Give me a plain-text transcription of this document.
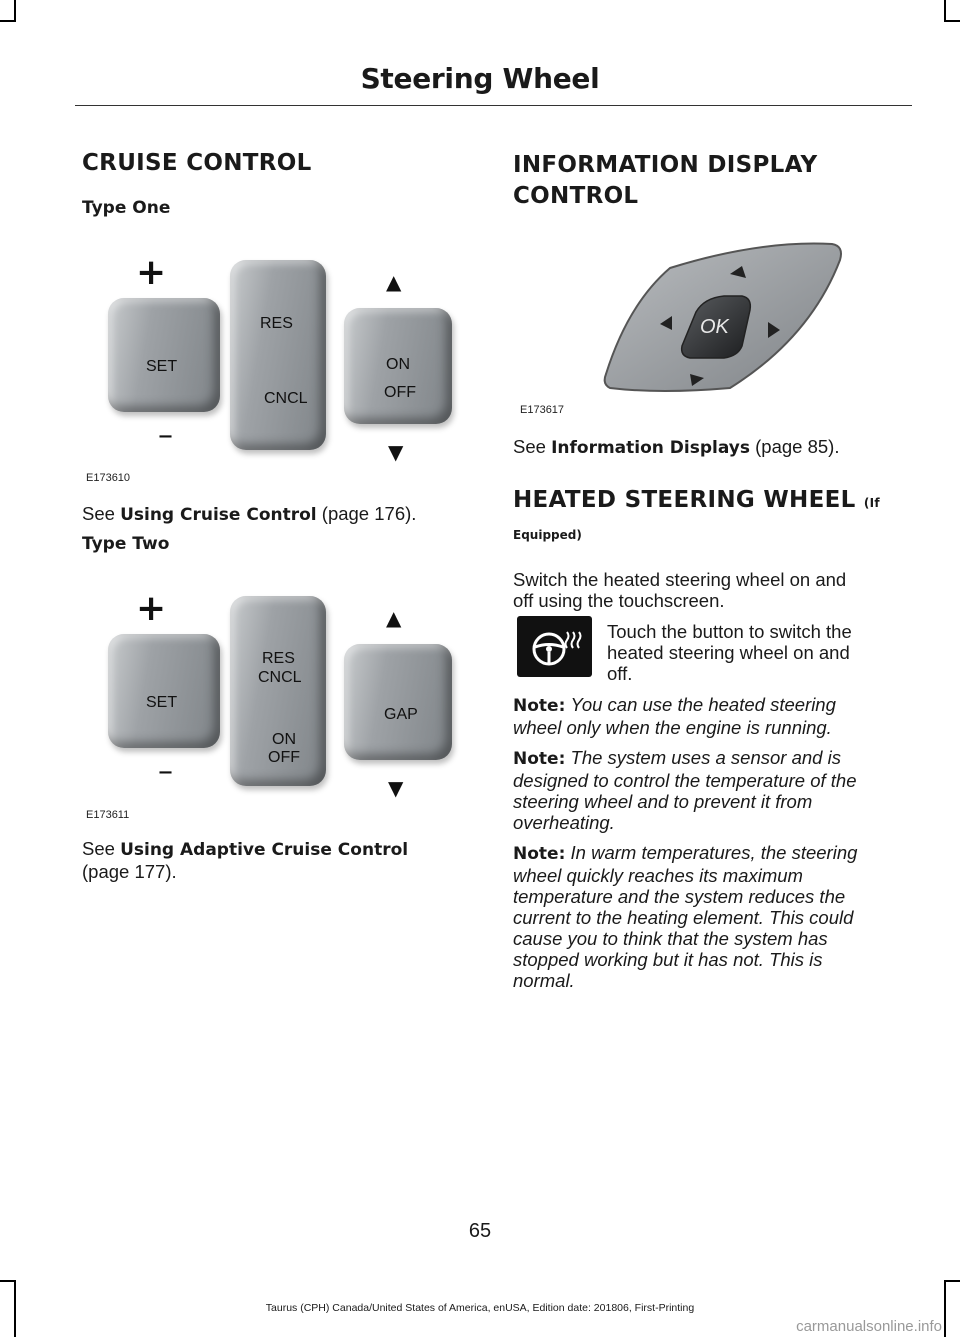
Steering Wheel
CRUISE CONTROL
Type One
+
–
SET
RES
CNCL
ON
OFF
▲
▼
E173610
See Using Cruise Control (page 176).
Type Two
+
–
SET
RES
CNCL
ON
OFF
GAP
▲
▼
E173611
See Using Adaptive Cruise Control
(page 177).
INFORMATION DISPLAY
CONTROL
OK
E173617
See Information Displays (page 85).
HEATED STEERING WHEEL (If
Equipped)
Switch the heated steering wheel on and
off using the touchscreen.
Touch the button to switch the
heated steering wheel on and
off.
Note: You can use the heated steering
wheel only when the engine is running.
Note: The system uses a sensor and is
designed to control the temperature of the
steering wheel and to prevent it from
overheating.
Note: In warm temperatures, the steering
wheel quickly reaches its maximum
temperature and the system reduces the
current to the heating element. This could
cause you to think that the system has
stopped working but it has not. This is
normal.
65
Taurus (CPH) Canada/United States of America, enUSA, Edition date: 201806, First-Printing
carmanualsonline.info
